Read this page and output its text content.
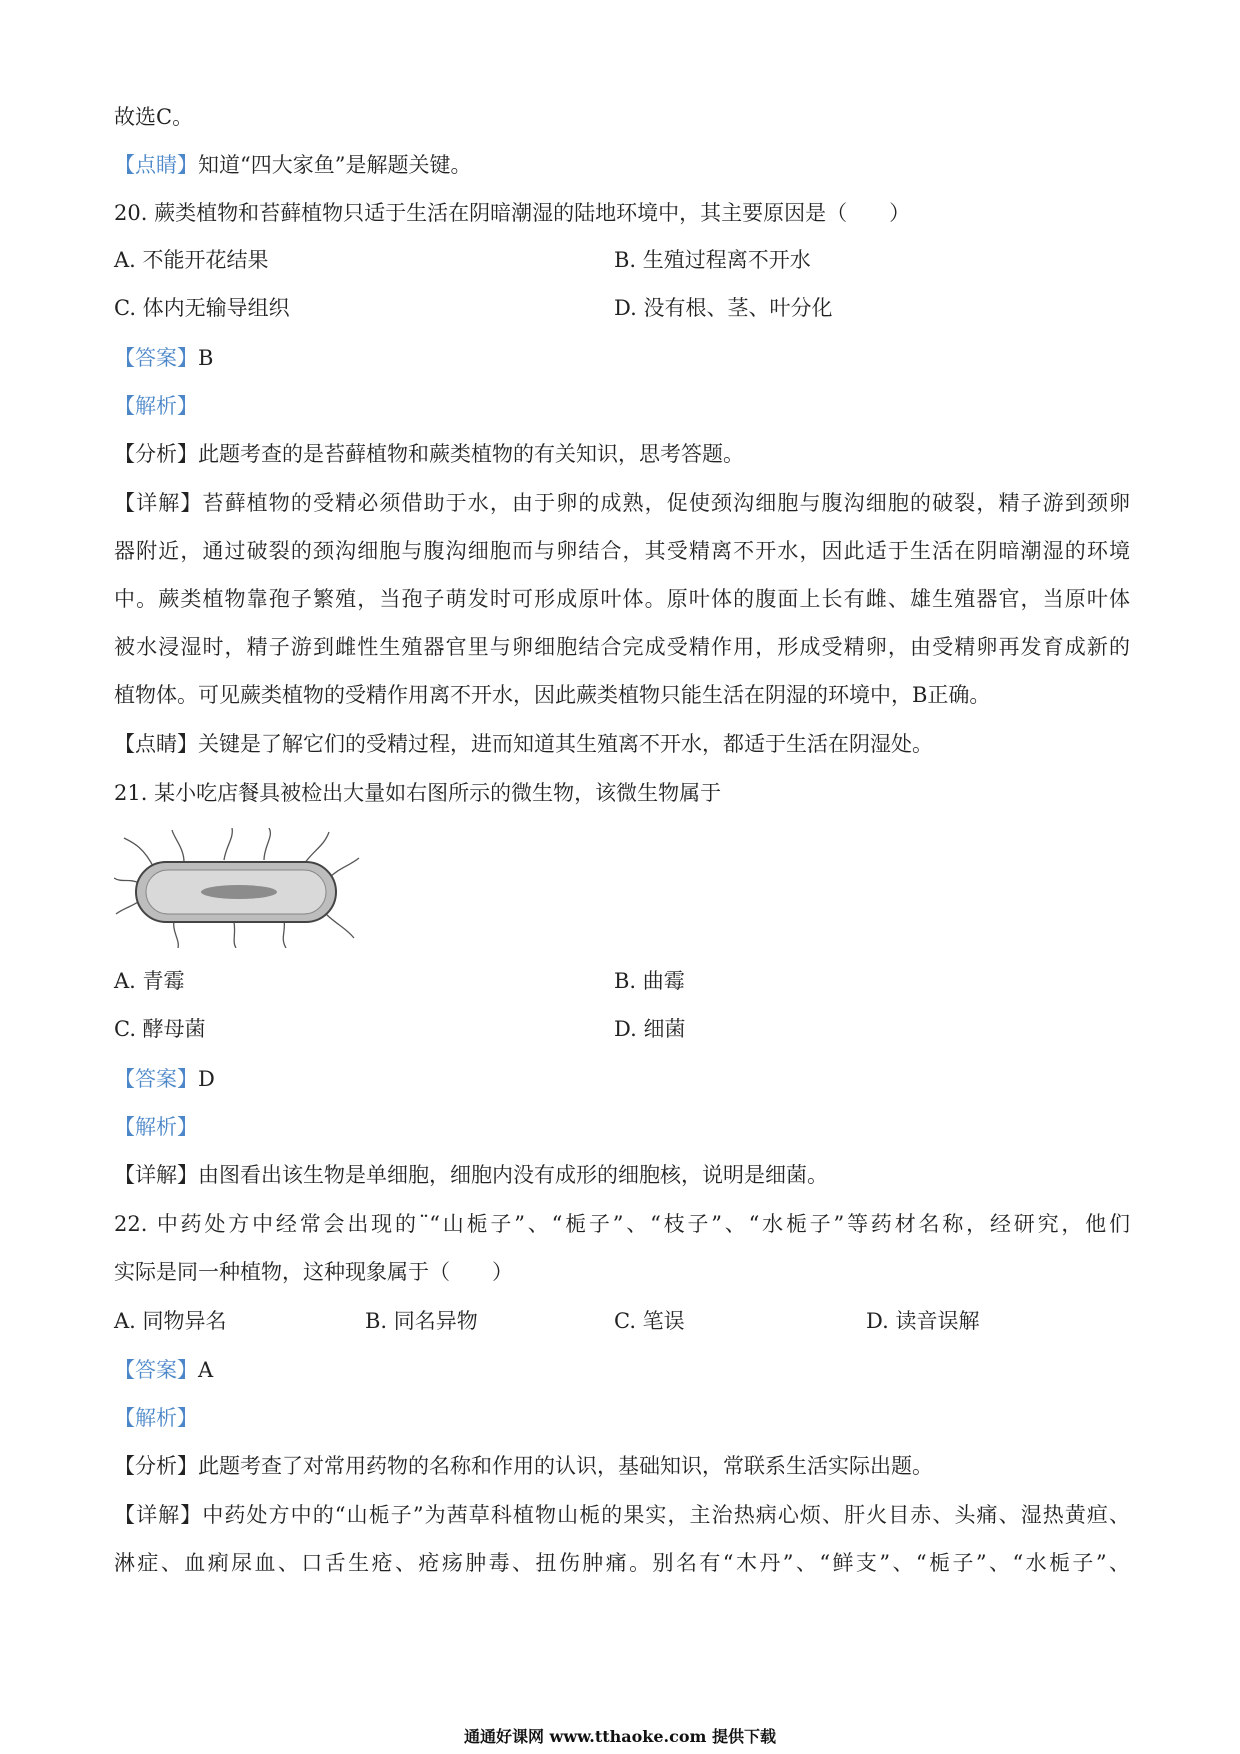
故选C。
【点睛】知道“四大家鱼”是解题关键。
20. 蕨类植物和苔藓植物只适于生活在阴暗潮湿的陆地环境中，其主要原因是（　　）
A. 不能开花结果	B. 生殖过程离不开水
C. 体内无输导组织	D. 没有根、茎、叶分化
【答案】B
【解析】
【分析】此题考查的是苔藓植物和蕨类植物的有关知识，思考答题。
【详解】苔藓植物的受精必须借助于水，由于卵的成熟，促使颈沟细胞与腹沟细胞的破裂，精子游到颈卵
器附近，通过破裂的颈沟细胞与腹沟细胞而与卵结合，其受精离不开水，因此适于生活在阴暗潮湿的环境
中。蕨类植物靠孢子繁殖，当孢子萌发时可形成原叶体。原叶体的腹面上长有雌、雄生殖器官，当原叶体
被水浸湿时，精子游到雌性生殖器官里与卵细胞结合完成受精作用，形成受精卵，由受精卵再发育成新的
植物体。可见蕨类植物的受精作用离不开水，因此蕨类植物只能生活在阴湿的环境中，B正确。
【点睛】关键是了解它们的受精过程，进而知道其生殖离不开水，都适于生活在阴湿处。
21. 某小吃店餐具被检出大量如右图所示的微生物，该微生物属于
A. 青霉	B. 曲霉
C. 酵母菌	D. 细菌
【答案】D
【解析】
【详解】由图看出该生物是单细胞，细胞内没有成形的细胞核，说明是细菌。
22. 中药处方中经常会出现的¨“山栀子”、“栀子”、“枝子”、“水栀子”等药材名称，经研究，他们
实际是同一种植物，这种现象属于（　　）
A. 同物异名	B. 同名异物	C. 笔误	D. 读音误解
【答案】A
【解析】
【分析】此题考查了对常用药物的名称和作用的认识，基础知识，常联系生活实际出题。
【详解】中药处方中的“山栀子”为茜草科植物山栀的果实，主治热病心烦、肝火目赤、头痛、湿热黄疸、
淋症、血痢尿血、口舌生疮、疮疡肿毒、扭伤肿痛。别名有“木丹”、“鲜支”、“栀子”、“水栀子”、
通通好课网 www.tthaoke.com 提供下载
